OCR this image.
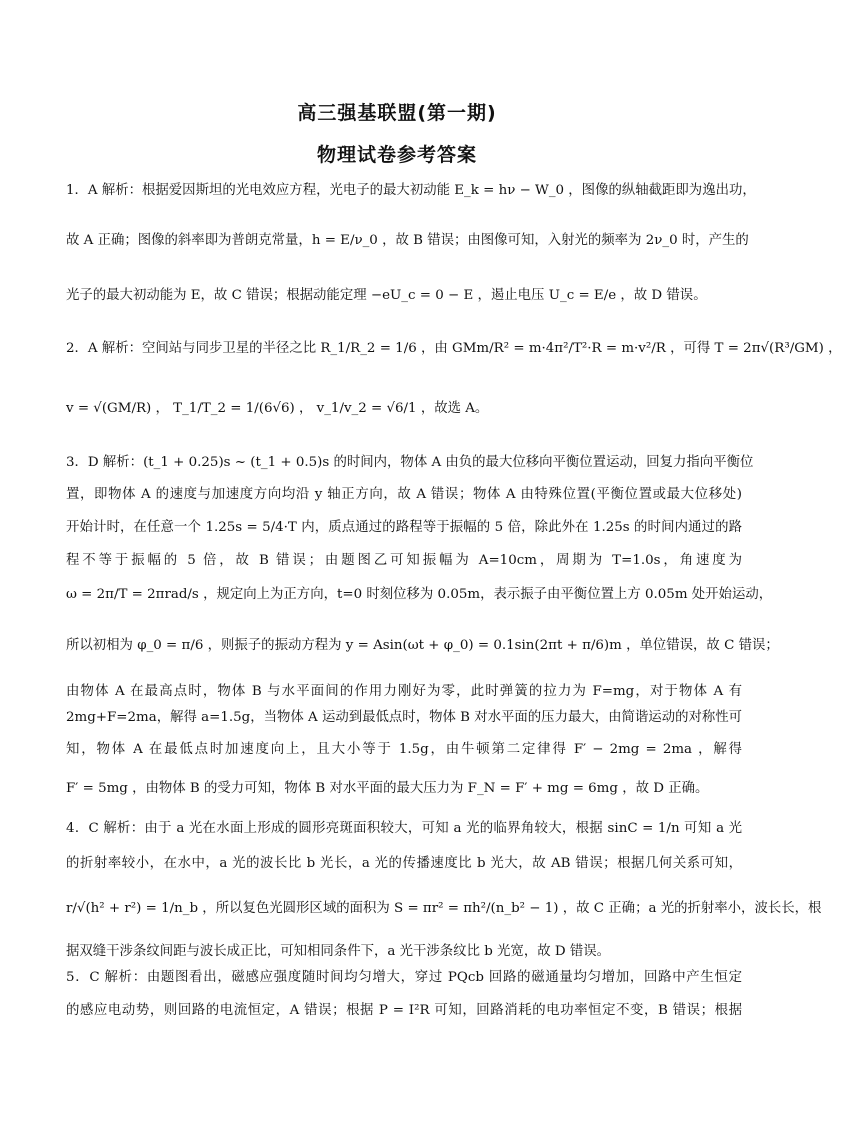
高三强基联盟(第一期)
物理试卷参考答案
1．A 解析：根据爱因斯坦的光电效应方程，光电子的最大初动能 E_k = hν − W_0 ，图像的纵轴截距即为逸出功，
故 A 正确；图像的斜率即为普朗克常量，h = E/ν_0 ，故 B 错误；由图像可知，入射光的频率为 2ν_0 时，产生的
光子的最大初动能为 E，故 C 错误；根据动能定理 −eU_c = 0 − E ，遏止电压 U_c = E/e ，故 D 错误。
2．A 解析：空间站与同步卫星的半径之比 R_1/R_2 = 1/6 ，由 GMm/R² = m·4π²/T²·R = m·v²/R ，可得 T = 2π√(R³/GM) ，
v = √(GM/R) ， T_1/T_2 = 1/(6√6) ， v_1/v_2 = √6/1 ，故选 A。
3．D 解析：(t_1 + 0.25)s ~ (t_1 + 0.5)s 的时间内，物体 A 由负的最大位移向平衡位置运动，回复力指向平衡位
置，即物体 A 的速度与加速度方向均沿 y 轴正方向，故 A 错误；物体 A 由特殊位置(平衡位置或最大位移处)
开始计时，在任意一个 1.25s = 5/4·T 内，质点通过的路程等于振幅的 5 倍，除此外在 1.25s 的时间内通过的路
程不等于振幅的 5 倍，故 B 错误；由题图乙可知振幅为 A=10cm，周期为 T=1.0s，角速度为
ω = 2π/T = 2πrad/s ，规定向上为正方向，t=0 时刻位移为 0.05m，表示振子由平衡位置上方 0.05m 处开始运动，
所以初相为 φ_0 = π/6 ，则振子的振动方程为 y = Asin(ωt + φ_0) = 0.1sin(2πt + π/6)m ，单位错误，故 C 错误；
由物体 A 在最高点时，物体 B 与水平面间的作用力刚好为零，此时弹簧的拉力为 F=mg，对于物体 A 有
2mg+F=2ma，解得 a=1.5g，当物体 A 运动到最低点时，物体 B 对水平面的压力最大，由简谐运动的对称性可
知，物体 A 在最低点时加速度向上，且大小等于 1.5g，由牛顿第二定律得 F′ − 2mg = 2ma ，解得
F′ = 5mg ，由物体 B 的受力可知，物体 B 对水平面的最大压力为 F_N = F′ + mg = 6mg ，故 D 正确。
4．C 解析：由于 a 光在水面上形成的圆形亮斑面积较大，可知 a 光的临界角较大，根据 sinC = 1/n 可知 a 光
的折射率较小，在水中，a 光的波长比 b 光长，a 光的传播速度比 b 光大，故 AB 错误；根据几何关系可知，
r/√(h² + r²) = 1/n_b ，所以复色光圆形区域的面积为 S = πr² = πh²/(n_b² − 1) ，故 C 正确；a 光的折射率小，波长长，根
据双缝干涉条纹间距与波长成正比，可知相同条件下，a 光干涉条纹比 b 光宽，故 D 错误。
5．C 解析：由题图看出，磁感应强度随时间均匀增大，穿过 PQcb 回路的磁通量均匀增加，回路中产生恒定
的感应电动势，则回路的电流恒定，A 错误；根据 P = I²R 可知，回路消耗的电功率恒定不变，B 错误；根据
